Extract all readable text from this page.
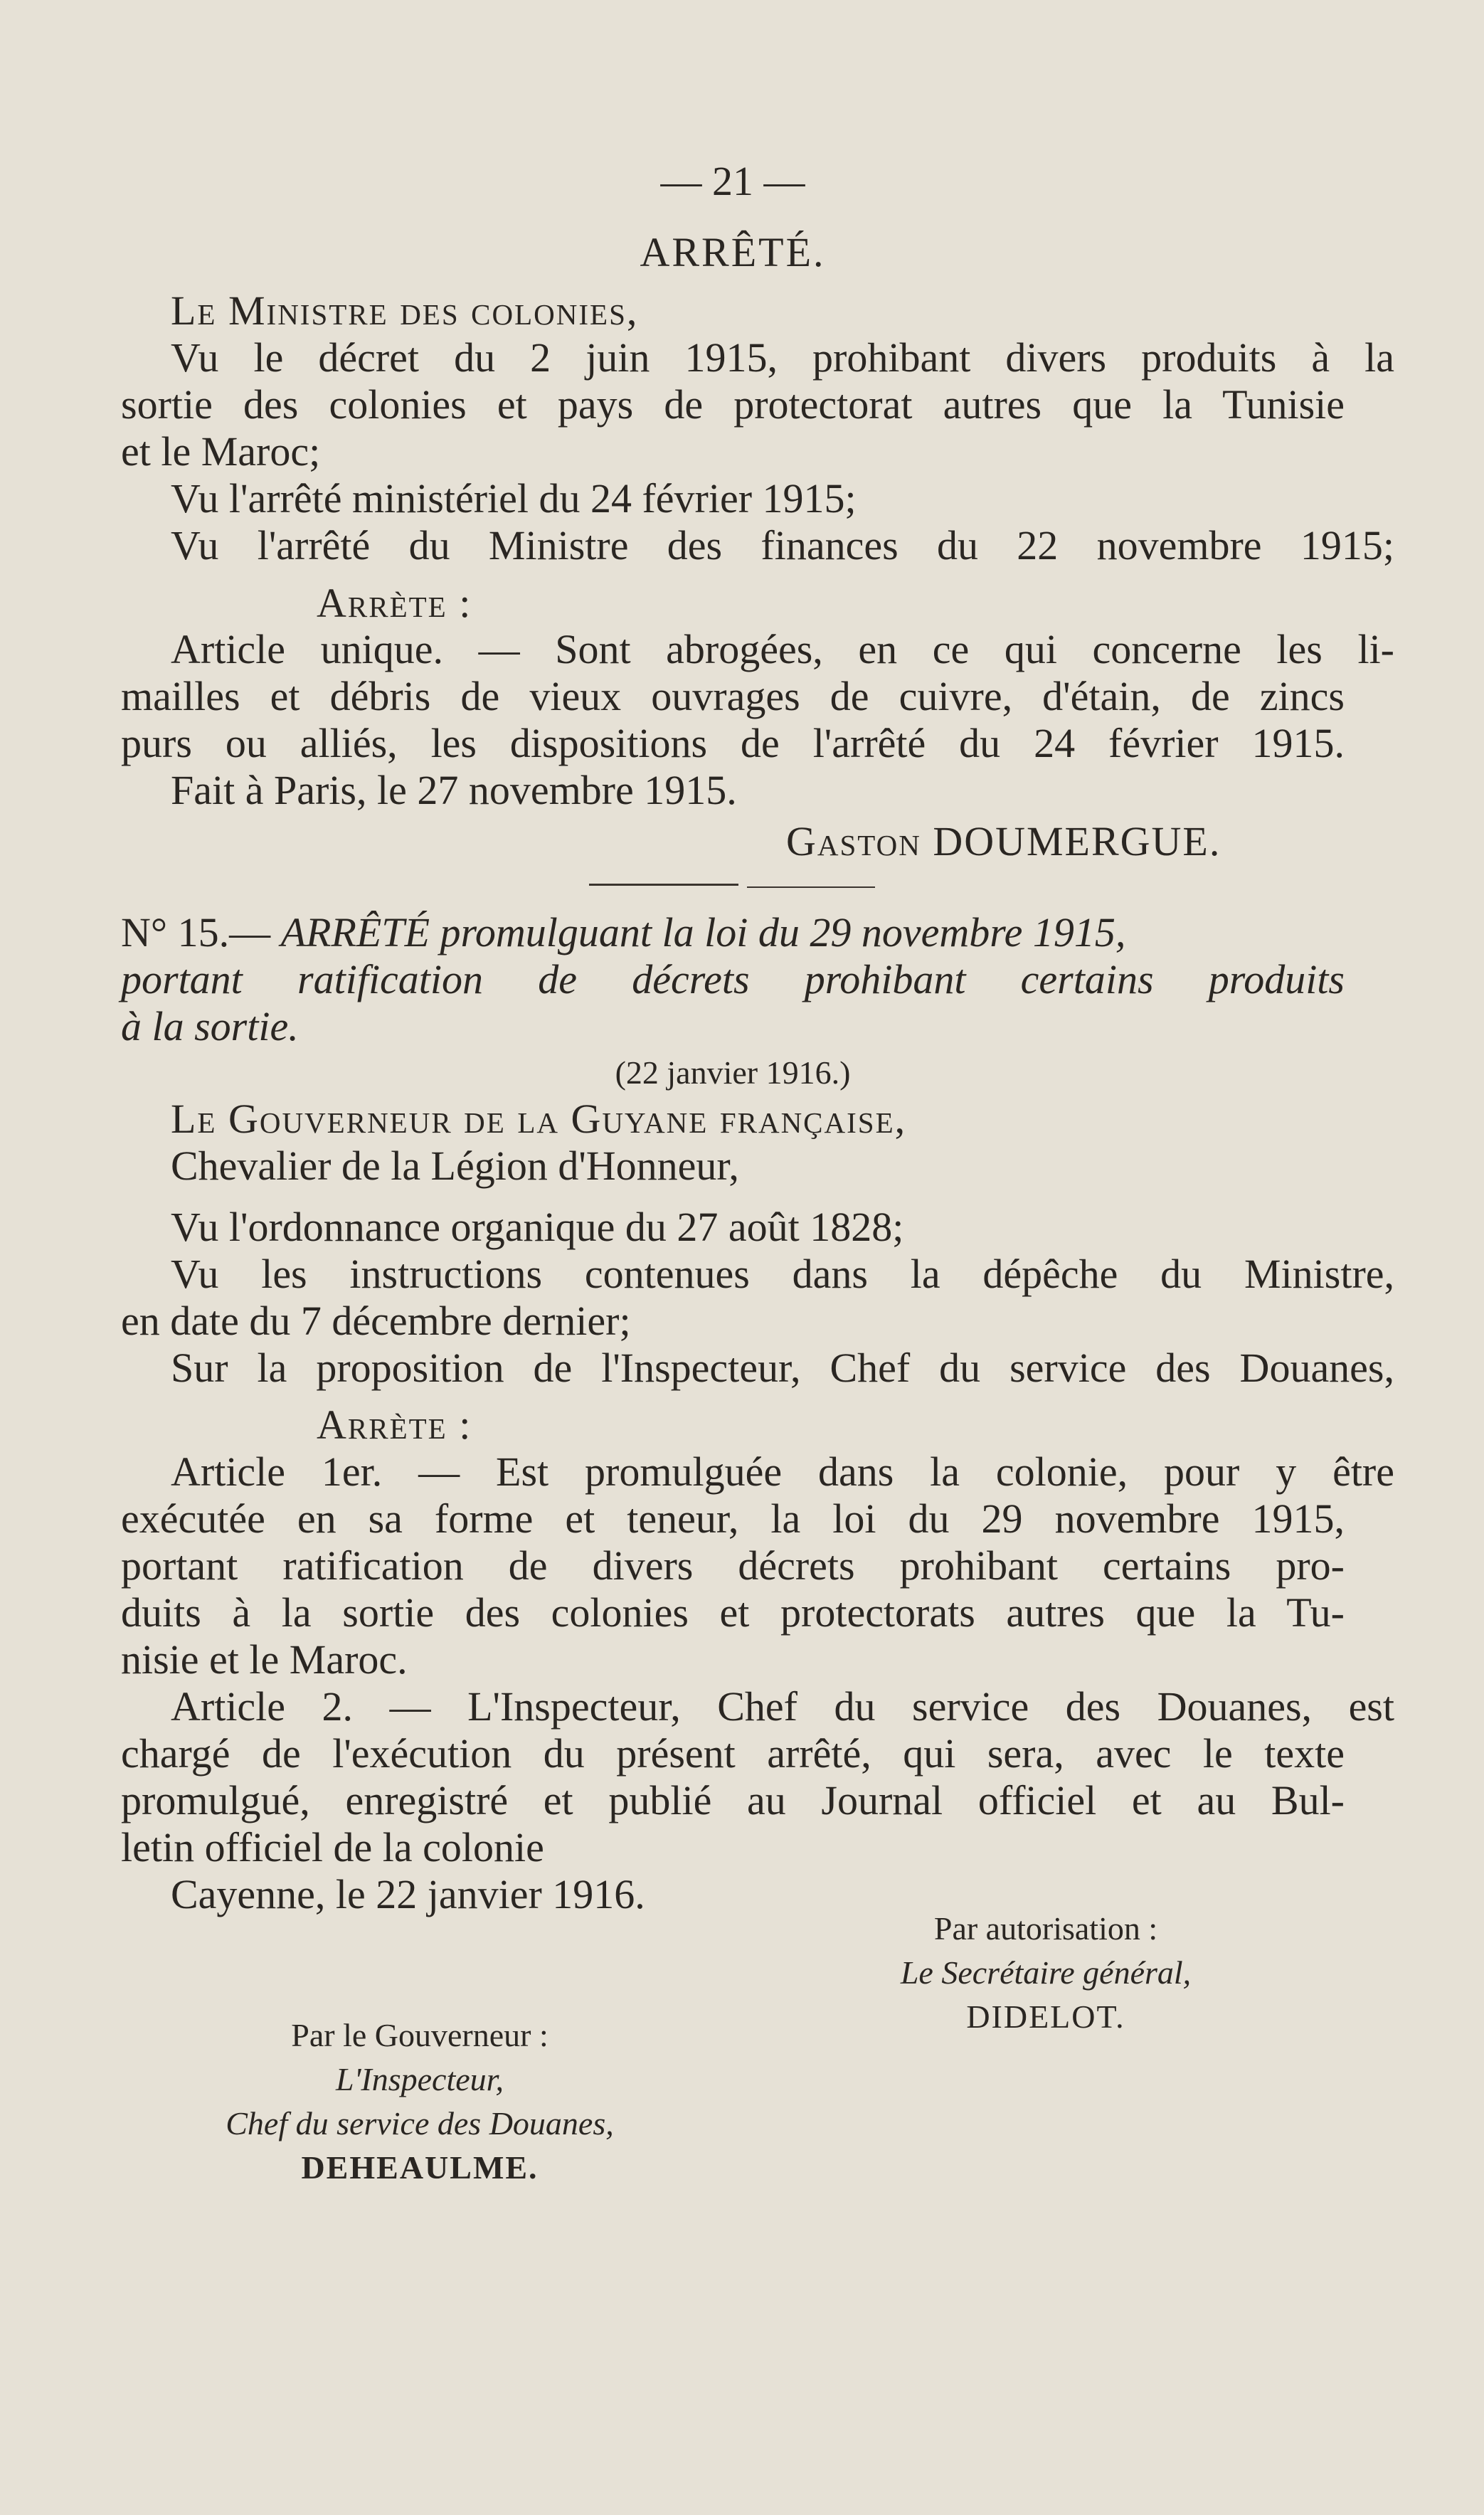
— 21 —
ARRÊTÉ.
Le Ministre des colonies,
Vu le décret du 2 juin 1915, prohibant divers produits à la
sortie des colonies et pays de protectorat autres que la Tunisie
et le Maroc;
Vu l'arrêté ministériel du 24 février 1915;
Vu l'arrêté du Ministre des finances du 22 novembre 1915;
Arrète :
Article unique. — Sont abrogées, en ce qui concerne les li-
mailles et débris de vieux ouvrages de cuivre, d'étain, de zincs
purs ou alliés, les dispositions de l'arrêté du 24 février 1915.
Fait à Paris, le 27 novembre 1915.
Gaston DOUMERGUE.
N° 15.— ARRÊTÉ promulguant la loi du 29 novembre 1915,
portant ratification de décrets prohibant certains produits
à la sortie.
(22 janvier 1916.)
Le Gouverneur de la Guyane française,
Chevalier de la Légion d'Honneur,
Vu l'ordonnance organique du 27 août 1828;
Vu les instructions contenues dans la dépêche du Ministre,
en date du 7 décembre dernier;
Sur la proposition de l'Inspecteur, Chef du service des Douanes,
Arrète :
Article 1er. — Est promulguée dans la colonie, pour y être
exécutée en sa forme et teneur, la loi du 29 novembre 1915,
portant ratification de divers décrets prohibant certains pro-
duits à la sortie des colonies et protectorats autres que la Tu-
nisie et le Maroc.
Article 2. — L'Inspecteur, Chef du service des Douanes, est
chargé de l'exécution du présent arrêté, qui sera, avec le texte
promulgué, enregistré et publié au Journal officiel et au Bul-
letin officiel de la colonie
Cayenne, le 22 janvier 1916.
Par autorisation :
Le Secrétaire général,
DIDELOT.
Par le Gouverneur :
L'Inspecteur,
Chef du service des Douanes,
DEHEAULME.
